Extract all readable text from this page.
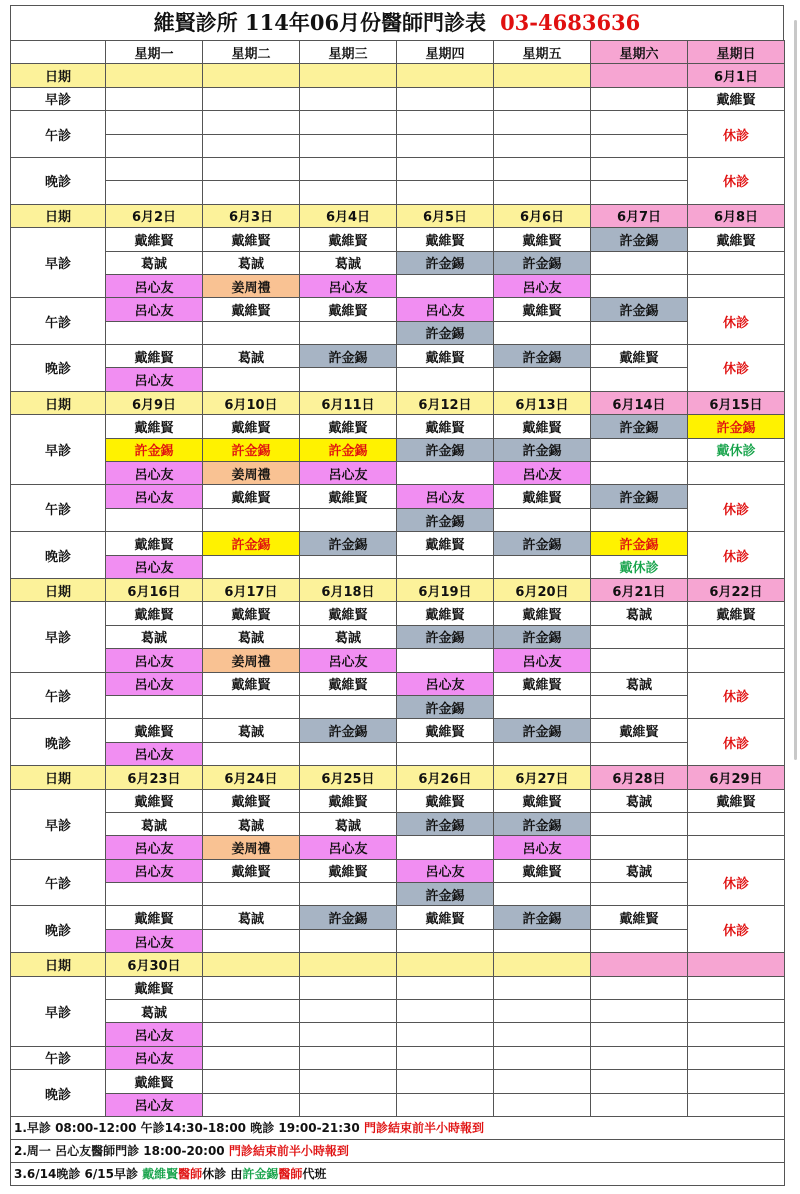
維賢診所 114年06月份醫師門診表 03-4683636
	星期一	星期二	星期三	星期四	星期五	星期六	星期日
日期							6月1日
早診							戴維賢
午診							休診

晚診							休診

日期	6月2日	6月3日	6月4日	6月5日	6月6日	6月7日	6月8日
早診	戴維賢	戴維賢	戴維賢	戴維賢	戴維賢	許金錫	戴維賢
	葛誠	葛誠	葛誠	許金錫	許金錫		
	呂心友	姜周禮	呂心友		呂心友		
午診	呂心友	戴維賢	戴維賢	呂心友	戴維賢	許金錫	休診
				許金錫			
晚診	戴維賢	葛誠	許金錫	戴維賢	許金錫	戴維賢	休診
	呂心友						
日期	6月9日	6月10日	6月11日	6月12日	6月13日	6月14日	6月15日
早診	戴維賢	戴維賢	戴維賢	戴維賢	戴維賢	許金錫	許金錫
	許金錫	許金錫	許金錫	許金錫	許金錫		戴休診
	呂心友	姜周禮	呂心友		呂心友		
午診	呂心友	戴維賢	戴維賢	呂心友	戴維賢	許金錫	休診
				許金錫			
晚診	戴維賢	許金錫	許金錫	戴維賢	許金錫	許金錫	休診
	呂心友					戴休診	
日期	6月16日	6月17日	6月18日	6月19日	6月20日	6月21日	6月22日
早診	戴維賢	戴維賢	戴維賢	戴維賢	戴維賢	葛誠	戴維賢
	葛誠	葛誠	葛誠	許金錫	許金錫		
	呂心友	姜周禮	呂心友		呂心友		
午診	呂心友	戴維賢	戴維賢	呂心友	戴維賢	葛誠	休診
				許金錫			
晚診	戴維賢	葛誠	許金錫	戴維賢	許金錫	戴維賢	休診
	呂心友						
日期	6月23日	6月24日	6月25日	6月26日	6月27日	6月28日	6月29日
早診	戴維賢	戴維賢	戴維賢	戴維賢	戴維賢	葛誠	戴維賢
	葛誠	葛誠	葛誠	許金錫	許金錫		
	呂心友	姜周禮	呂心友		呂心友		
午診	呂心友	戴維賢	戴維賢	呂心友	戴維賢	葛誠	休診
				許金錫			
晚診	戴維賢	葛誠	許金錫	戴維賢	許金錫	戴維賢	休診
	呂心友						
日期	6月30日						
早診	戴維賢						
	葛誠						
	呂心友						
午診	呂心友						
晚診	戴維賢						
	呂心友						
1.早診 08:00-12:00 午診14:30-18:00 晚診 19:00-21:30 門診結束前半小時報到							
2.周一 呂心友醫師門診 18:00-20:00 門診結束前半小時報到							
3.6/14晚診 6/15早診 戴維賢醫師休診 由許金錫醫師代班							
